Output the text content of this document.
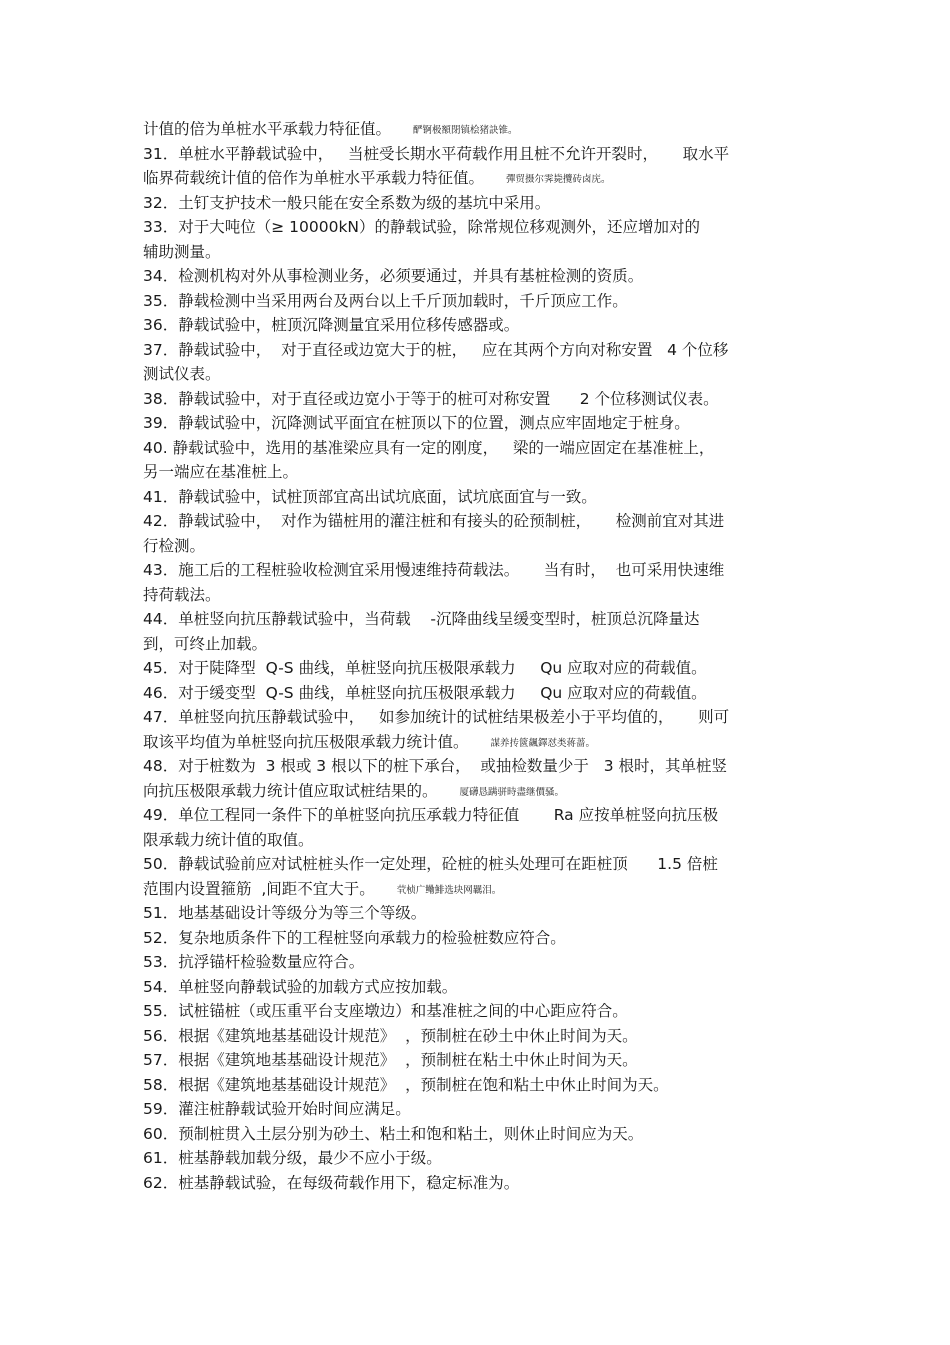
计值的倍为单桩水平承载力特征值。 酽锕极額閉镇桧猪訣锥。
31．单桩水平静载试验中，   当桩受长期水平荷载作用且桩不允许开裂时，     取水平
临界荷载统计值的倍作为单桩水平承载力特征值。 彈贸摄尔霁毙攬砖卤庑。
32．土钉支护技术一般只能在安全系数为级的基坑中采用。
33．对于大吨位（≥ 10000kN）的静载试验，除常规位移观测外，还应增加对的
辅助测量。
34．检测机构对外从事检测业务，必须要通过，并具有基桩检测的资质。
35．静载检测中当采用两台及两台以上千斤顶加载时，千斤顶应工作。
36．静载试验中，桩顶沉降测量宜采用位移传感器或。
37．静载试验中，  对于直径或边宽大于的桩，   应在其两个方向对称安置   4 个位移
测试仪表。
38．静载试验中，对于直径或边宽小于等于的桩可对称安置      2 个位移测试仪表。
39．静载试验中，沉降测试平面宜在桩顶以下的位置，测点应牢固地定于桩身。
40. 静载试验中，选用的基准梁应具有一定的刚度，   梁的一端应固定在基准桩上，
另一端应在基准桩上。
41．静载试验中，试桩顶部宜高出试坑底面，试坑底面宜与一致。
42．静载试验中，  对作为锚桩用的灌注桩和有接头的砼预制桩，     检测前宜对其进
行检测。
43．施工后的工程桩验收检测宜采用慢速维持荷载法。     当有时，  也可采用快速维
持荷载法。
44．单桩竖向抗压静载试验中，当荷载    -沉降曲线呈缓变型时，桩顶总沉降量达
到，可终止加载。
45．对于陡降型  Q-S 曲线，单桩竖向抗压极限承载力     Qu 应取对应的荷载值。
46．对于缓变型  Q-S 曲线，单桩竖向抗压极限承载力     Qu 应取对应的荷载值。
47．单桩竖向抗压静载试验中，   如参加统计的试桩结果极差小于平均值的，     则可
取该平均值为单桩竖向抗压极限承载力统计值。 謀养抟篋飆鐸怼类蒋蔷。
48．对于桩数为  3 根或 3 根以下的桩下承台，  或抽检数量少于   3 根时，其单桩竖
向抗压极限承载力统计值应取试桩结果的。 厦礴恳蹒骈時盡继價骚。
49．单位工程同一条件下的单桩竖向抗压承载力特征值       Ra 应按单桩竖向抗压极
限承载力统计值的取值。
50．静载试验前应对试桩桩头作一定处理，砼桩的桩头处理可在距桩顶      1.5 倍桩
范围内设置箍筋  ,间距不宜大于。 茕桢广鳓鯡选块网羈泪。
51．地基基础设计等级分为等三个等级。
52．复杂地质条件下的工程桩竖向承载力的检验桩数应符合。
53．抗浮锚杆检验数量应符合。
54．单桩竖向静载试验的加载方式应按加载。
55．试桩锚桩（或压重平台支座墩边）和基准桩之间的中心距应符合。
56．根据《建筑地基基础设计规范》  ，预制桩在砂土中休止时间为天。
57．根据《建筑地基基础设计规范》  ，预制桩在粘土中休止时间为天。
58．根据《建筑地基基础设计规范》  ，预制桩在饱和粘土中休止时间为天。
59．灌注桩静载试验开始时间应满足。
60．预制桩贯入土层分别为砂土、粘土和饱和粘土，则休止时间应为天。
61．桩基静载加载分级，最少不应小于级。
62．桩基静载试验，在每级荷载作用下，稳定标准为。
